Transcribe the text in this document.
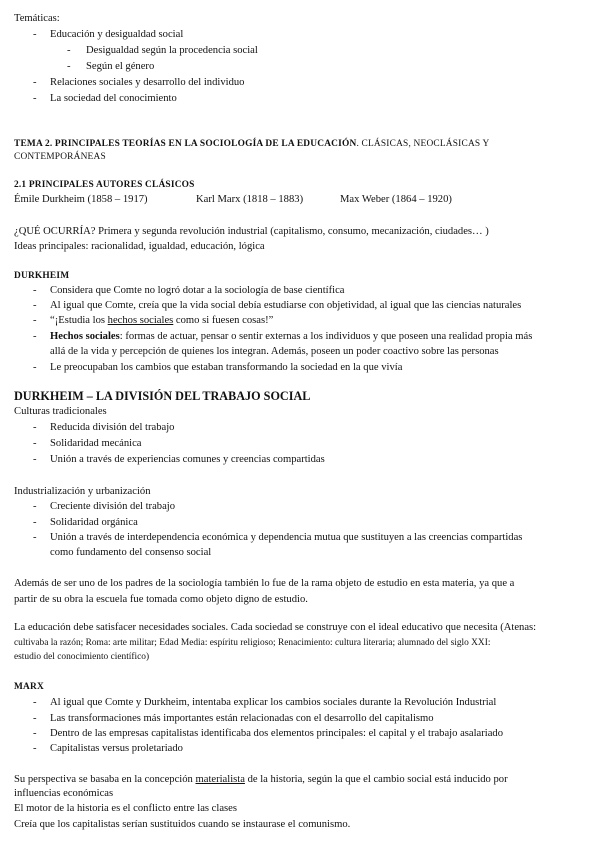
Temáticas:
- Educación y desigualdad social
- Desigualdad según la procedencia social
- Según el género
- Relaciones sociales y desarrollo del individuo
- La sociedad del conocimiento
TEMA 2. PRINCIPALES TEORÍAS EN LA SOCIOLOGÍA DE LA EDUCACIÓN. CLÁSICAS, NEOCLÁSICAS Y
CONTEMPORÁNEAS
2.1 PRINCIPALES AUTORES CLÁSICOS
Émile Durkheim (1858 – 1917)	Karl Marx (1818 – 1883)	Max Weber (1864 – 1920)
¿QUÉ OCURRÍA? Primera y segunda revolución industrial (capitalismo, consumo, mecanización, ciudades… )
Ideas principales: racionalidad, igualdad, educación, lógica
DURKHEIM
- Considera que Comte no logró dotar a la sociología de base científica
- Al igual que Comte, creía que la vida social debía estudiarse con objetividad, al igual que las ciencias naturales
- “¡Estudia los hechos sociales como si fuesen cosas!”
- Hechos sociales: formas de actuar, pensar o sentir externas a los individuos y que poseen una realidad propia más
allá de la vida y percepción de quienes los integran. Además, poseen un poder coactivo sobre las personas
- Le preocupaban los cambios que estaban transformando la sociedad en la que vivía
DURKHEIM – LA DIVISIÓN DEL TRABAJO SOCIAL
Culturas tradicionales
- Reducida división del trabajo
- Solidaridad mecánica
- Unión a través de experiencias comunes y creencias compartidas
Industrialización y urbanización
- Creciente división del trabajo
- Solidaridad orgánica
- Unión a través de interdependencia económica y dependencia mutua que sustituyen a las creencias compartidas
como fundamento del consenso social
Además de ser uno de los padres de la sociología también lo fue de la rama objeto de estudio en esta materia, ya que a
partir de su obra la escuela fue tomada como objeto digno de estudio.
La educación debe satisfacer necesidades sociales. Cada sociedad se construye con el ideal educativo que necesita (Atenas:
cultivaba la razón; Roma: arte militar; Edad Media: espíritu religioso; Renacimiento: cultura literaria; alumnado del siglo XXI:
estudio del conocimiento científico)
MARX
- Al igual que Comte y Durkheim, intentaba explicar los cambios sociales durante la Revolución Industrial
- Las transformaciones más importantes están relacionadas con el desarrollo del capitalismo
- Dentro de las empresas capitalistas identificaba dos elementos principales: el capital y el trabajo asalariado
- Capitalistas versus proletariado
Su perspectiva se basaba en la concepción materialista de la historia, según la que el cambio social está inducido por
influencias económicas
El motor de la historia es el conflicto entre las clases
Creía que los capitalistas serían sustituidos cuando se instaurase el comunismo.
